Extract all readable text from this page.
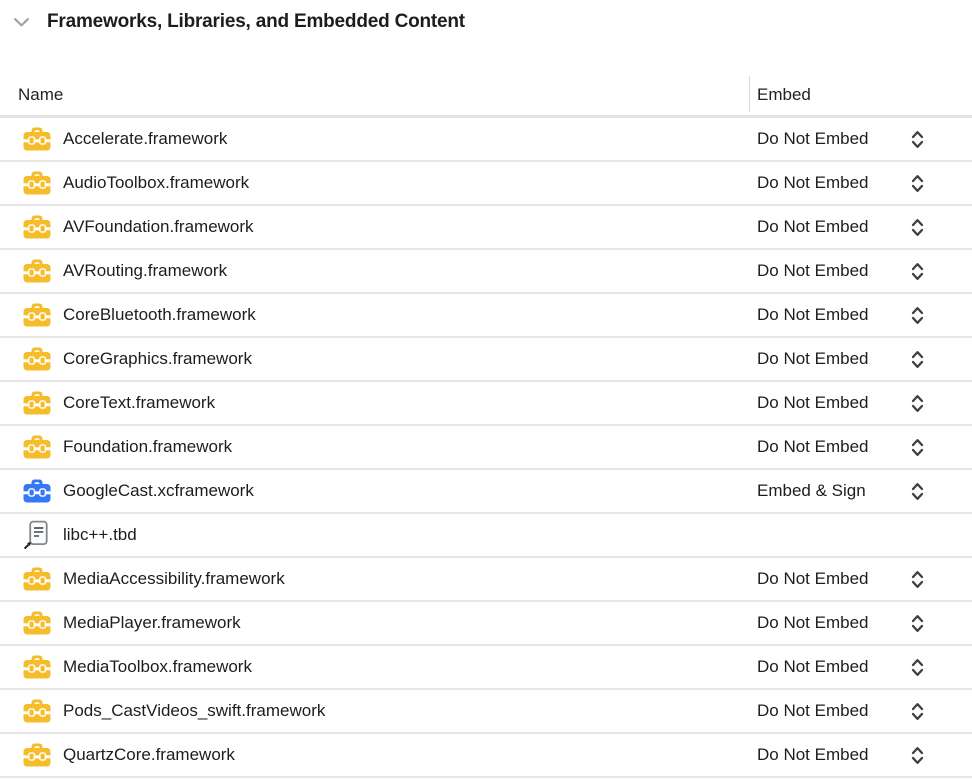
Frameworks, Libraries, and Embedded Content
Name	Embed
Accelerate.framework	Do Not Embed
AudioToolbox.framework	Do Not Embed
AVFoundation.framework	Do Not Embed
AVRouting.framework	Do Not Embed
CoreBluetooth.framework	Do Not Embed
CoreGraphics.framework	Do Not Embed
CoreText.framework	Do Not Embed
Foundation.framework	Do Not Embed
GoogleCast.xcframework	Embed & Sign
libc++.tbd
MediaAccessibility.framework	Do Not Embed
MediaPlayer.framework	Do Not Embed
MediaToolbox.framework	Do Not Embed
Pods_CastVideos_swift.framework	Do Not Embed
QuartzCore.framework	Do Not Embed
